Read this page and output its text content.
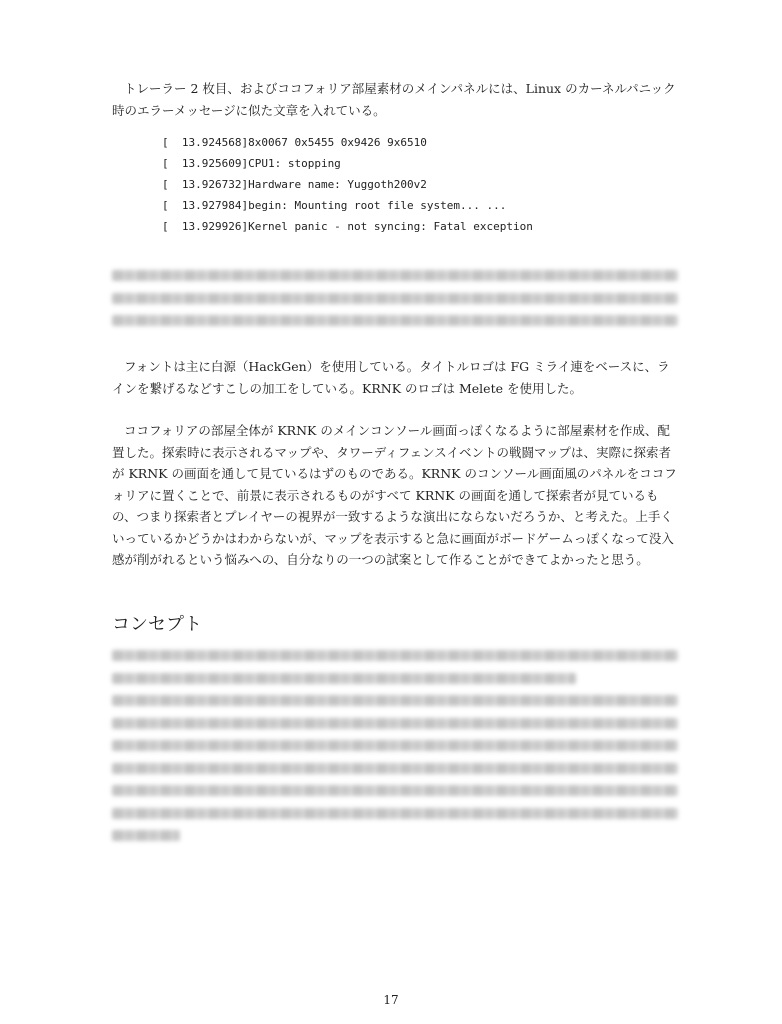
トレーラー 2 枚目、およびココフォリア部屋素材のメインパネルには、Linux のカーネルパニック時のエラーメッセージに似た文章を入れている。

[  13.924568]8x0067 0x5455 0x9426 9x6510
[  13.925609]CPU1: stopping
[  13.926732]Hardware name: Yuggoth200v2
[  13.927984]begin: Mounting root file system... ...
[  13.929926]Kernel panic - not syncing: Fatal exception

フォントは主に白源（HackGen）を使用している。タイトルロゴは FG ミライ連をベースに、ラインを繋げるなどすこしの加工をしている。KRNK のロゴは Melete を使用した。

ココフォリアの部屋全体が KRNK のメインコンソール画面っぽくなるように部屋素材を作成、配置した。探索時に表示されるマップや、タワーディフェンスイベントの戦闘マップは、実際に探索者が KRNK の画面を通して見ているはずのものである。KRNK のコンソール画面風のパネルをココフォリアに置くことで、前景に表示されるものがすべて KRNK の画面を通して探索者が見ているもの、つまり探索者とプレイヤーの視界が一致するような演出にならないだろうか、と考えた。上手くいっているかどうかはわからないが、マップを表示すると急に画面がボードゲームっぽくなって没入感が削がれるという悩みへの、自分なりの一つの試案として作ることができてよかったと思う。

コンセプト
17
